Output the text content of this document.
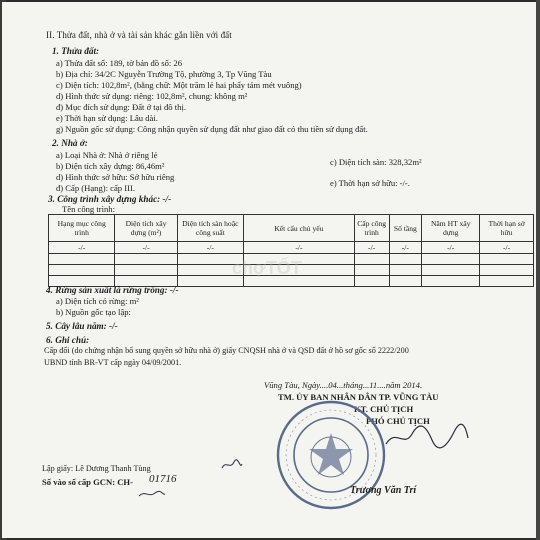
II. Thửa đất, nhà ở và tài sản khác gắn liền với đất
1. Thửa đất:
a) Thửa đất số: 189, tờ bản đồ số: 26
b) Địa chỉ: 34/2C Nguyễn Trường Tộ, phường 3, Tp Vũng Tàu
c) Diện tích: 102,8m², (bằng chữ: Một trăm lẻ hai phẩy tám mét vuông)
d) Hình thức sử dụng: riêng: 102,8m², chung: không m²
đ) Mục đích sử dụng: Đất ở tại đô thị.
e) Thời hạn sử dụng: Lâu dài.
g) Nguồn gốc sử dụng: Công nhận quyền sử dụng đất như giao đất có thu tiền sử dụng đất.
2. Nhà ở:
a) Loại Nhà ở: Nhà ở riêng lẻ
b) Diện tích xây dựng: 86,46m²	c) Diện tích sàn: 328,32m²
d) Hình thức sở hữu: Sở hữu riêng
đ) Cấp (Hạng): cấp III.	e) Thời hạn sở hữu: -/-.
3. Công trình xây dựng khác: -/-
Tên công trình:
Hạng mục công trình	Diện tích xây dựng (m²)	Diện tích sàn hoặc công suất	Kết cấu chủ yếu	Cấp công trình	Số tầng	Năm HT xây dựng	Thời hạn sở hữu
-/-	-/-	-/-	-/-	-/-	-/-	-/-	-/-

chợTỐT
4. Rừng sản xuất là rừng trồng: -/-
a) Diện tích có rừng: m²
b) Nguồn gốc tạo lập:
5. Cây lâu năm: -/-
6. Ghi chú:
Cấp đổi (do chứng nhận bổ sung quyền sở hữu nhà ở) giấy CNQSH nhà ở và QSD đất ở hồ sơ gốc số 2222/200
UBND tỉnh BR-VT cấp ngày 04/09/2001.
Vũng Tàu, Ngày....04...tháng...11....năm 2014.
TM. ỦY BAN NHÂN DÂN TP. VŨNG TÀU
KT. CHỦ TỊCH
PHÓ CHỦ TỊCH
Trương Văn Trí
Lập giấy: Lê Dương Thanh Tùng
Số vào sổ cấp GCN: CH- 01716
